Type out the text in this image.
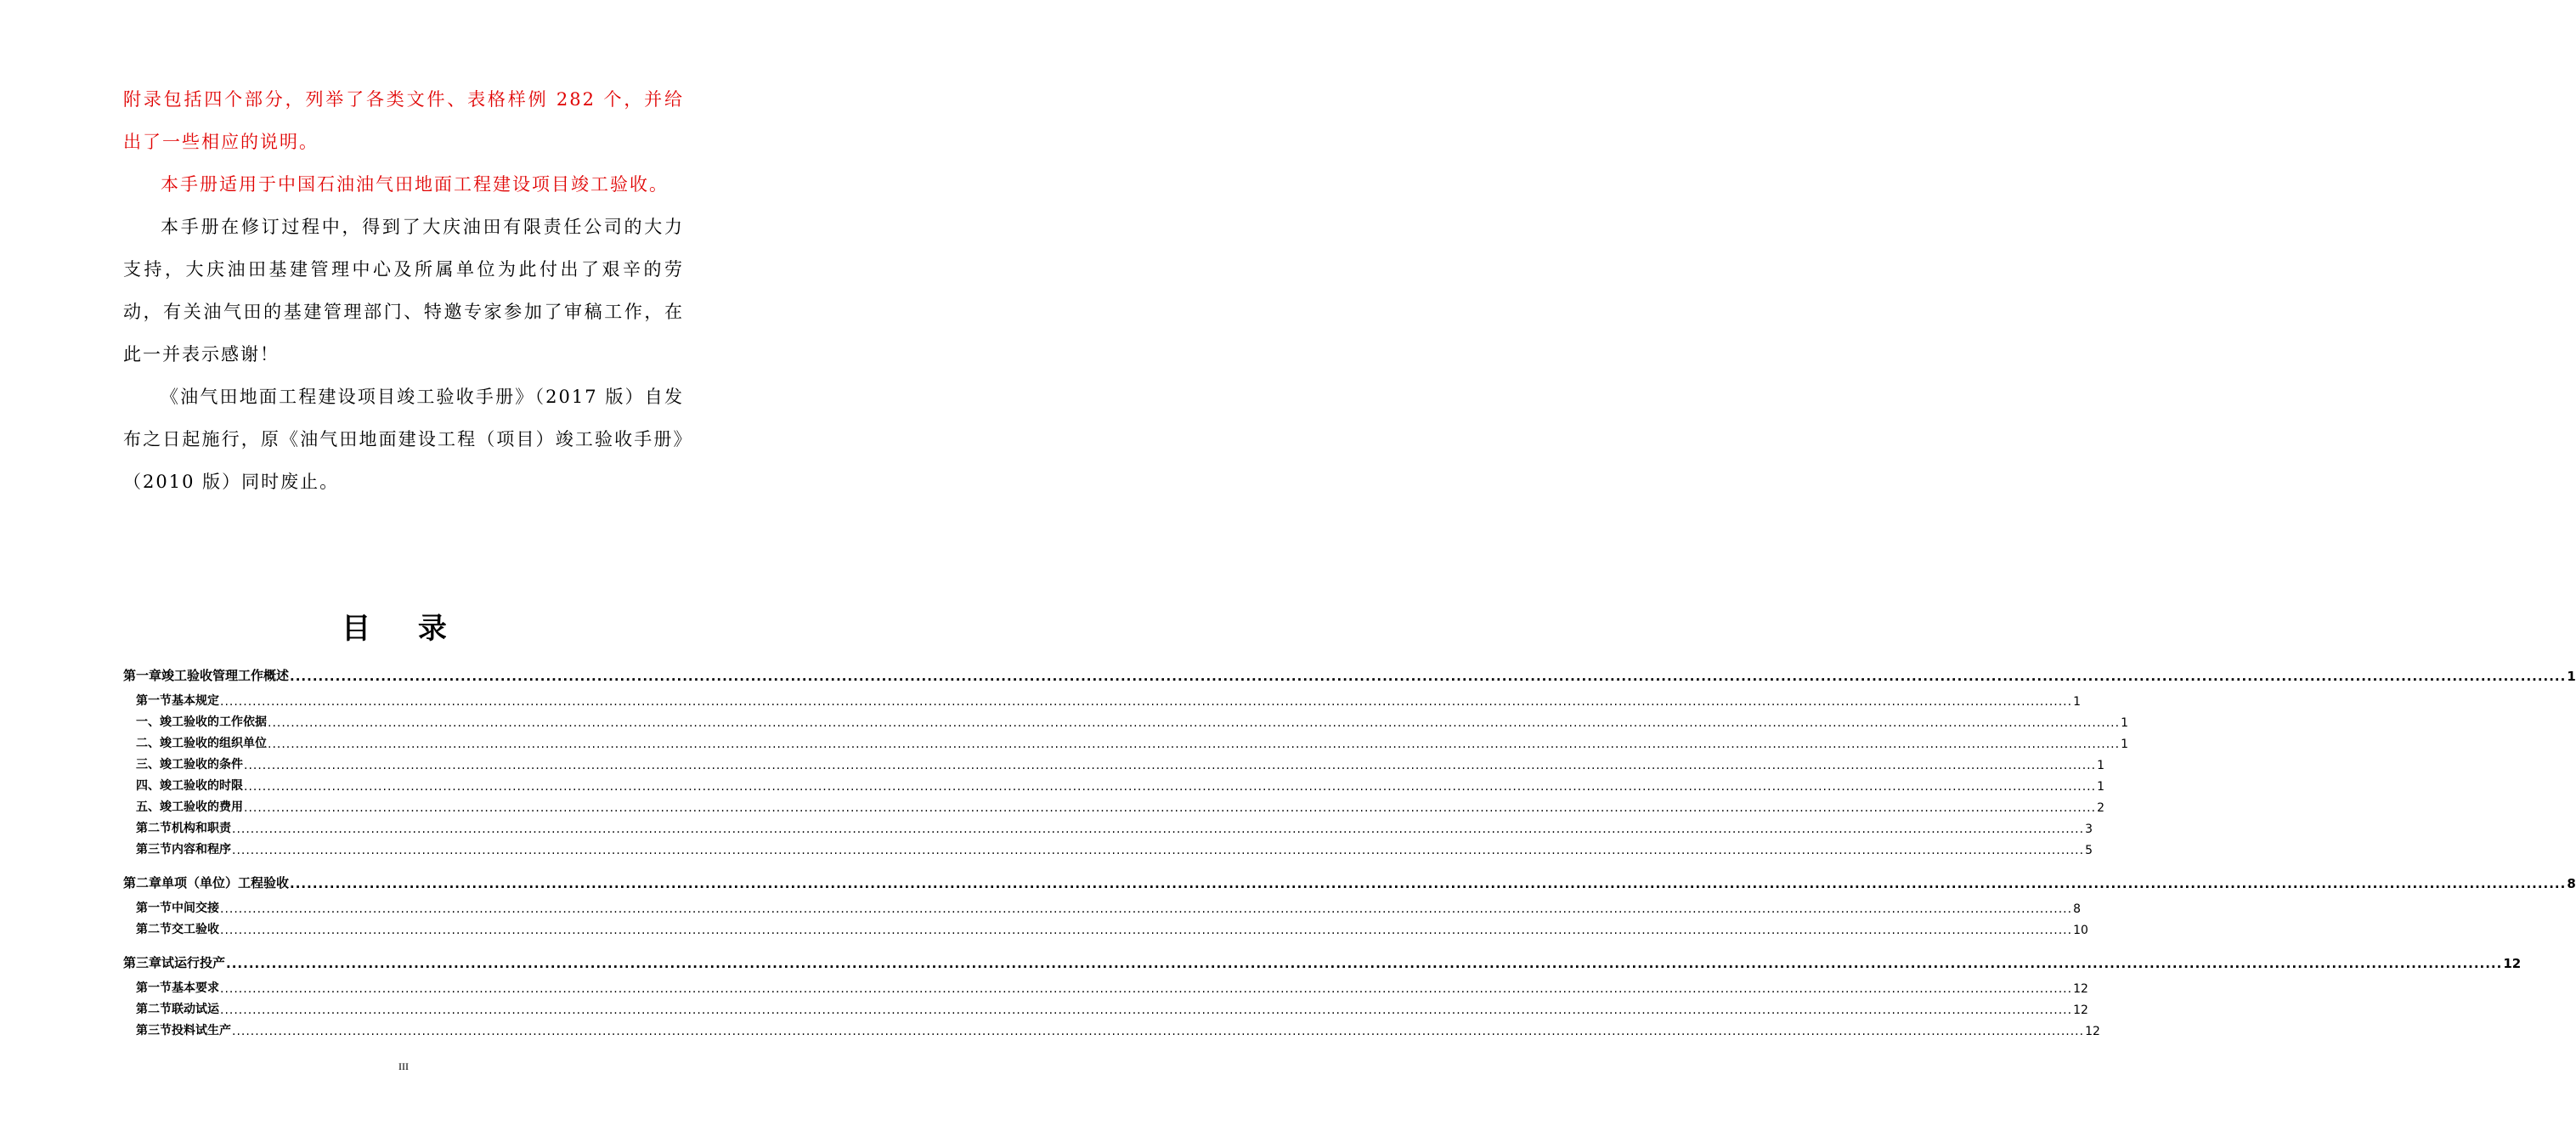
附录包括四个部分，列举了各类文件、表格样例 282 个，并给出了一些相应的说明。
本手册适用于中国石油油气田地面工程建设项目竣工验收。
本手册在修订过程中，得到了大庆油田有限责任公司的大力支持，大庆油田基建管理中心及所属单位为此付出了艰辛的劳动，有关油气田的基建管理部门、特邀专家参加了审稿工作，在此一并表示感谢！
《油气田地面工程建设项目竣工验收手册》（2017 版）自发布之日起施行，原《油气田地面建设工程（项目）竣工验收手册》（2010 版）同时废止。
目 录
第一章 竣工验收管理工作概述 ................................................................................................................................................................................................................................................................................................................................................................................................................ 1
第一节 基本规定 ................................................................................................................................................................................................................................................................................................................................................................................................................ 1
一、 竣工验收的工作依据 ................................................................................................................................................................................................................................................................................................................................................................................................................ 1
二、 竣工验收的组织单位 ................................................................................................................................................................................................................................................................................................................................................................................................................ 1
三、 竣工验收的条件 ................................................................................................................................................................................................................................................................................................................................................................................................................ 1
四、 竣工验收的时限 ................................................................................................................................................................................................................................................................................................................................................................................................................ 1
五、 竣工验收的费用 ................................................................................................................................................................................................................................................................................................................................................................................................................ 2
第二节 机构和职责 ................................................................................................................................................................................................................................................................................................................................................................................................................ 3
第三节 内容和程序 ................................................................................................................................................................................................................................................................................................................................................................................................................ 5
第二章 单项（单位）工程验收 ................................................................................................................................................................................................................................................................................................................................................................................................................ 8
第一节 中间交接 ................................................................................................................................................................................................................................................................................................................................................................................................................ 8
第二节 交工验收 ................................................................................................................................................................................................................................................................................................................................................................................................................ 10
第三章 试运行投产 ................................................................................................................................................................................................................................................................................................................................................................................................................ 12
第一节 基本要求 ................................................................................................................................................................................................................................................................................................................................................................................................................ 12
第二节 联动试运 ................................................................................................................................................................................................................................................................................................................................................................................................................ 12
第三节 投料试生产 ................................................................................................................................................................................................................................................................................................................................................................................................................ 12
III
